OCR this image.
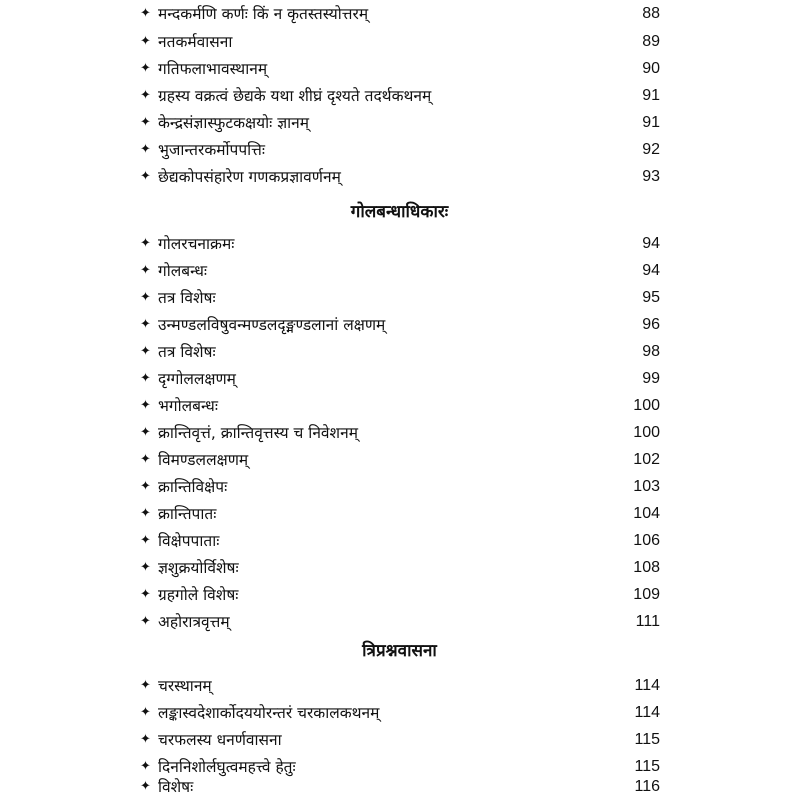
✦ मन्दकर्मणि कर्णः किं न कृतस्तस्योत्तरम्	88
✦ नतकर्मवासना	89
✦ गतिफलाभावस्थानम्	90
✦ ग्रहस्य वक्रत्वं छेद्यके यथा शीघ्रं दृश्यते तदर्थकथनम्	91
✦ केन्द्रसंज्ञास्फुटकक्षयोः ज्ञानम्	91
✦ भुजान्तरकर्मोपपत्तिः	92
✦ छेद्यकोपसंहारेण गणकप्रज्ञावर्णनम्	93
गोलबन्धाधिकारः
✦ गोलरचनाक्रमः	94
✦ गोलबन्धः	94
✦ तत्र विशेषः	95
✦ उन्मण्डलविषुवन्मण्डलदृङ्मण्डलानां लक्षणम्	96
✦ तत्र विशेषः	98
✦ दृग्गोललक्षणम्	99
✦ भगोलबन्धः	100
✦ क्रान्तिवृत्तं, क्रान्तिवृत्तस्य च निवेशनम्	100
✦ विमण्डललक्षणम्	102
✦ क्रान्तिविक्षेपः	103
✦ क्रान्तिपातः	104
✦ विक्षेपपाताः	106
✦ ज्ञशुक्रयोर्विशेषः	108
✦ ग्रहगोले विशेषः	109
✦ अहोरात्रवृत्तम्	111
त्रिप्रश्नवासना
✦ चरस्थानम्	114
✦ लङ्कास्वदेशार्कोदययोरन्तरं चरकालकथनम्	114
✦ चरफलस्य धनर्णवासना	115
✦ दिननिशोर्लघुत्वमहत्त्वे हेतुः	115
✦ विशेषः	116
